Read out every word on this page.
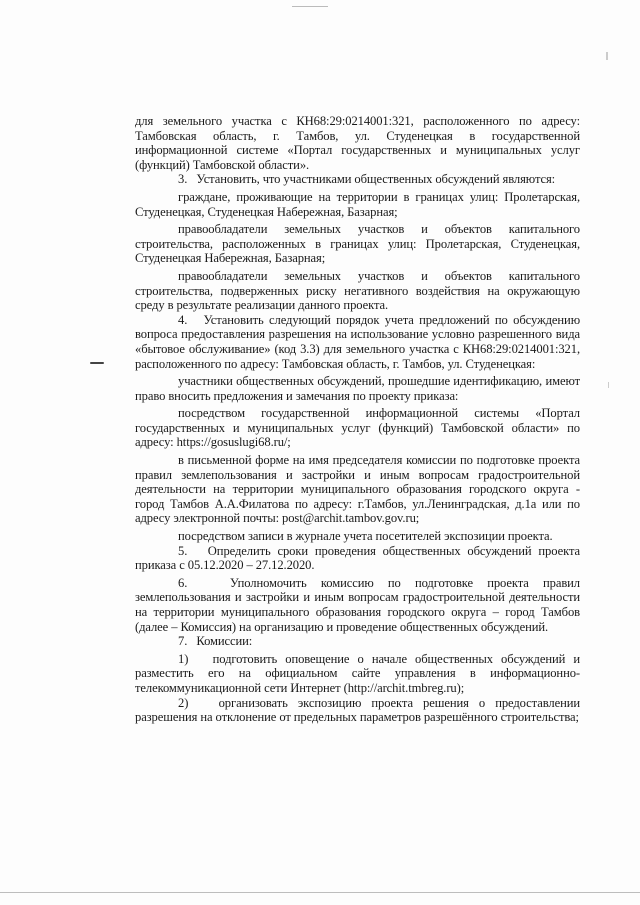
для земельного участка с КН68:29:0214001:321, расположенного по адресу: Тамбовская область, г. Тамбов, ул. Студенецкая в государственной информационной системе «Портал государственных и муниципальных услуг (функций) Тамбовской области».

3.   Установить, что участниками общественных обсуждений являются:

граждане, проживающие на территории в границах улиц: Пролетарская, Студенецкая, Студенецкая Набережная, Базарная;

правообладатели земельных участков и объектов капитального строительства, расположенных в границах улиц: Пролетарская, Студенецкая, Студенецкая Набережная, Базарная;

правообладатели земельных участков и объектов капитального строительства, подверженных риску негативного воздействия на окружающую среду в результате реализации данного проекта.

4.   Установить следующий порядок учета предложений по обсуждению вопроса предоставления разрешения на использование условно разрешенного вида «бытовое обслуживание» (код 3.3) для земельного участка с КН68:29:0214001:321, расположенного по адресу: Тамбовская область, г. Тамбов, ул. Студенецкая:

участники общественных обсуждений, прошедшие идентификацию, имеют право вносить предложения и замечания по проекту приказа:

посредством государственной информационной системы «Портал государственных и муниципальных услуг (функций) Тамбовской области» по адресу: https://gosuslugi68.ru/;

в письменной форме на имя председателя комиссии по подготовке проекта правил землепользования и застройки и иным вопросам градостроительной деятельности на территории муниципального образования городского округа - город Тамбов А.А.Филатова по адресу: г.Тамбов, ул.Ленинградская, д.1а или по адресу электронной почты: post@archit.tambov.gov.ru;

посредством записи в журнале учета посетителей экспозиции проекта.

5.   Определить сроки проведения общественных обсуждений проекта приказа с 05.12.2020 – 27.12.2020.

6.   Уполномочить комиссию по подготовке проекта правил землепользования и застройки и иным вопросам градостроительной деятельности на территории муниципального образования городского округа – город Тамбов (далее – Комиссия) на организацию и проведение общественных обсуждений.

7.   Комиссии:

1)   подготовить оповещение о начале общественных обсуждений и разместить его на официальном сайте управления в информационно-телекоммуникационной сети Интернет (http://archit.tmbreg.ru);

2)   организовать экспозицию проекта решения о предоставлении разрешения на отклонение от предельных параметров разрешённого строительства;
